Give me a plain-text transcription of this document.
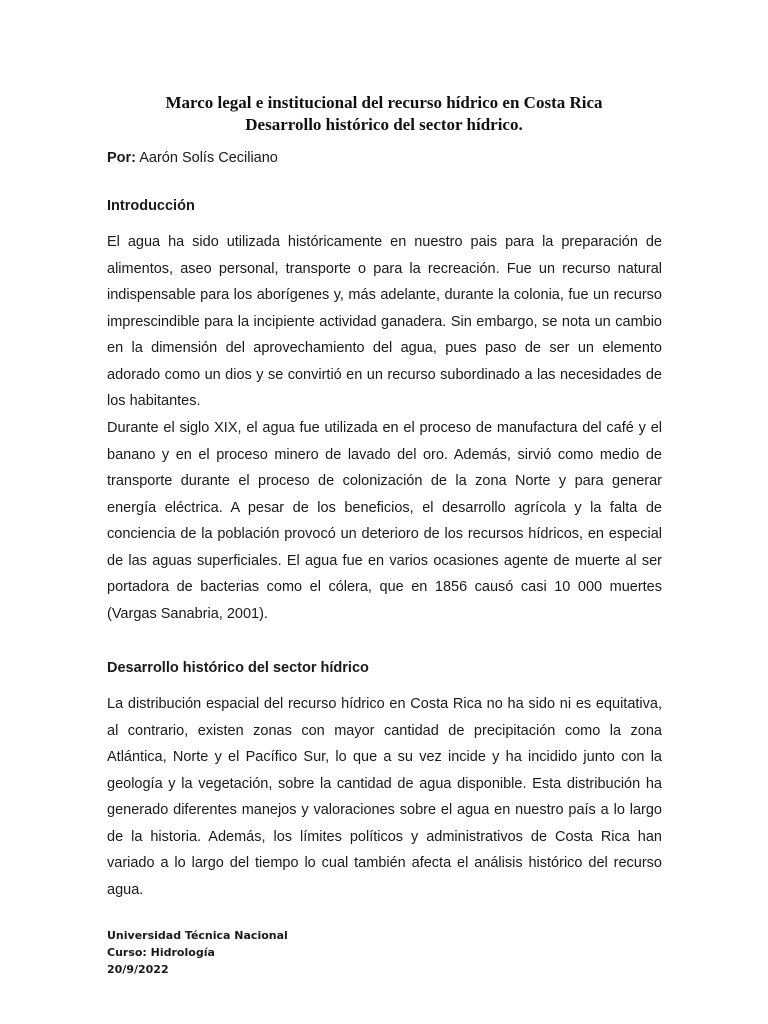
Marco legal e institucional del recurso hídrico en Costa Rica
Desarrollo histórico del sector hídrico.
Por: Aarón Solís Ceciliano
Introducción

El agua ha sido utilizada históricamente en nuestro pais para la preparación de alimentos, aseo personal, transporte o para la recreación. Fue un recurso natural indispensable para los aborígenes y, más adelante, durante la colonia, fue un recurso imprescindible para la incipiente actividad ganadera. Sin embargo, se nota un cambio en la dimensión del aprovechamiento del agua, pues paso de ser un elemento adorado como un dios y se convirtió en un recurso subordinado a las necesidades de los habitantes.

Durante el siglo XIX, el agua fue utilizada en el proceso de manufactura del café y el banano y en el proceso minero de lavado del oro. Además, sirvió como medio de transporte durante el proceso de colonización de la zona Norte y para generar energía eléctrica. A pesar de los beneficios, el desarrollo agrícola y la falta de conciencia de la población provocó un deterioro de los recursos hídricos, en especial de las aguas superficiales. El agua fue en varios ocasiones agente de muerte al ser portadora de bacterias como el cólera, que en 1856 causó casi 10 000 muertes (Vargas Sanabria, 2001).

Desarrollo histórico del sector hídrico

La distribución espacial del recurso hídrico en Costa Rica no ha sido ni es equitativa, al contrario, existen zonas con mayor cantidad de precipitación como la zona Atlántica, Norte y el Pacífico Sur, lo que a su vez incide y ha incidido junto con la geología y la vegetación, sobre la cantidad de agua disponible. Esta distribución ha generado diferentes manejos y valoraciones sobre el agua en nuestro país a lo largo de la historia. Además, los límites políticos y administrativos de Costa Rica han variado a lo largo del tiempo lo cual también afecta el análisis histórico del recurso agua.

Universidad Técnica Nacional
Curso: Hidrología
20/9/2022
